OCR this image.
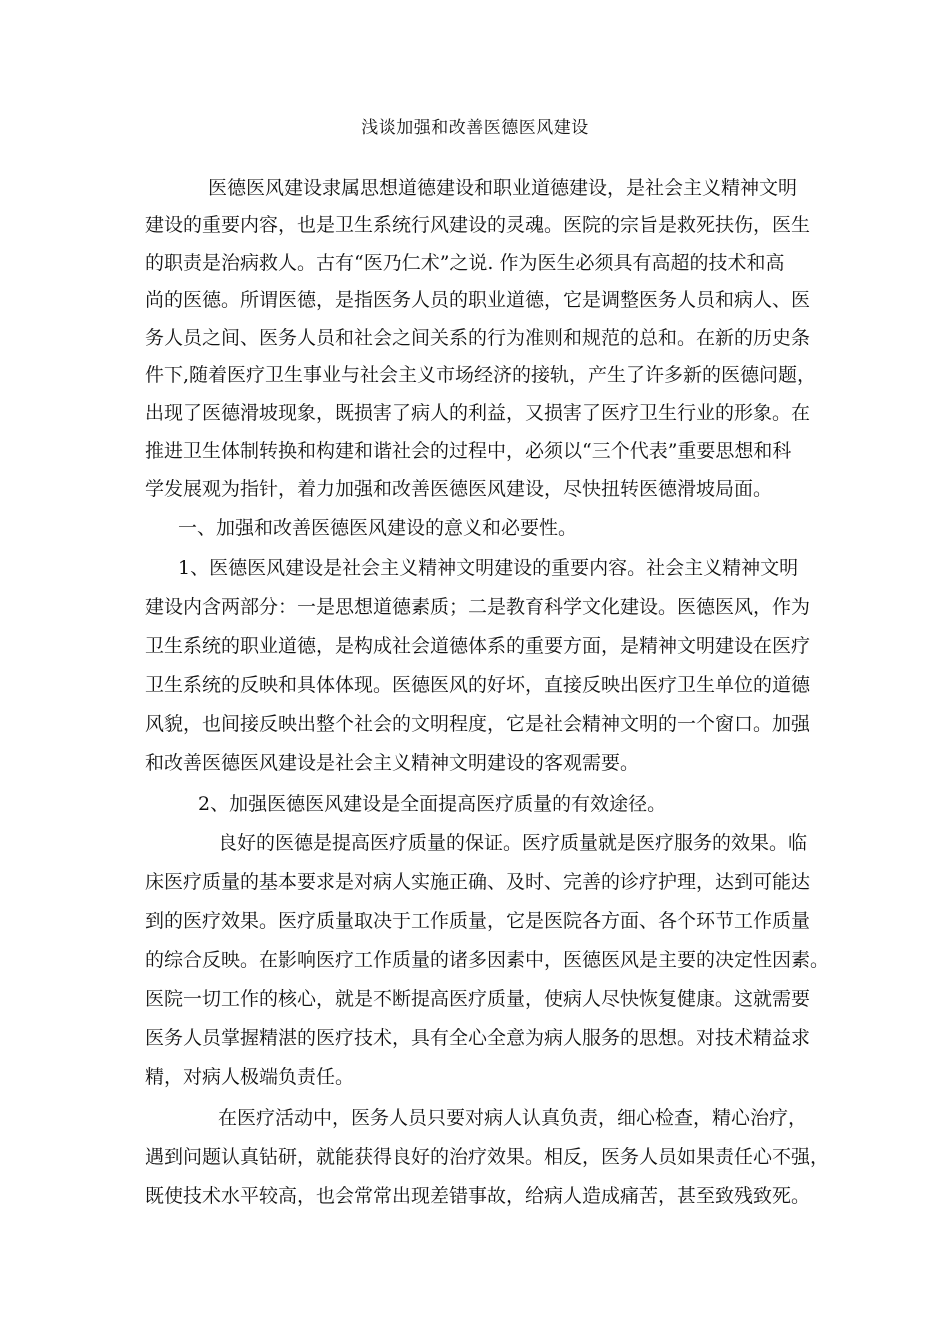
浅谈加强和改善医德医风建设
医德医风建设隶属思想道德建设和职业道德建设，是社会主义精神文明
建设的重要内容，也是卫生系统行风建设的灵魂。医院的宗旨是救死扶伤，医生
的职责是治病救人。古有“医乃仁术”之说. 作为医生必须具有高超的技术和高
尚的医德。所谓医德，是指医务人员的职业道德，它是调整医务人员和病人、医
务人员之间、医务人员和社会之间关系的行为准则和规范的总和。在新的历史条
件下,随着医疗卫生事业与社会主义市场经济的接轨，产生了许多新的医德问题，
出现了医德滑坡现象，既损害了病人的利益，又损害了医疗卫生行业的形象。在
推进卫生体制转换和构建和谐社会的过程中，必须以“三个代表”重要思想和科
学发展观为指针，着力加强和改善医德医风建设，尽快扭转医德滑坡局面。
一、加强和改善医德医风建设的意义和必要性。
1、医德医风建设是社会主义精神文明建设的重要内容。社会主义精神文明
建设内含两部分：一是思想道德素质；二是教育科学文化建设。医德医风，作为
卫生系统的职业道德，是构成社会道德体系的重要方面，是精神文明建设在医疗
卫生系统的反映和具体体现。医德医风的好坏，直接反映出医疗卫生单位的道德
风貌，也间接反映出整个社会的文明程度，它是社会精神文明的一个窗口。加强
和改善医德医风建设是社会主义精神文明建设的客观需要。
2、加强医德医风建设是全面提高医疗质量的有效途径。
良好的医德是提高医疗质量的保证。医疗质量就是医疗服务的效果。临
床医疗质量的基本要求是对病人实施正确、及时、完善的诊疗护理，达到可能达
到的医疗效果。医疗质量取决于工作质量，它是医院各方面、各个环节工作质量
的综合反映。在影响医疗工作质量的诸多因素中，医德医风是主要的决定性因素。
医院一切工作的核心，就是不断提高医疗质量，使病人尽快恢复健康。这就需要
医务人员掌握精湛的医疗技术，具有全心全意为病人服务的思想。对技术精益求
精，对病人极端负责任。
在医疗活动中，医务人员只要对病人认真负责，细心检查，精心治疗，
遇到问题认真钻研，就能获得良好的治疗效果。相反，医务人员如果责任心不强，
既使技术水平较高，也会常常出现差错事故，给病人造成痛苦，甚至致残致死。
